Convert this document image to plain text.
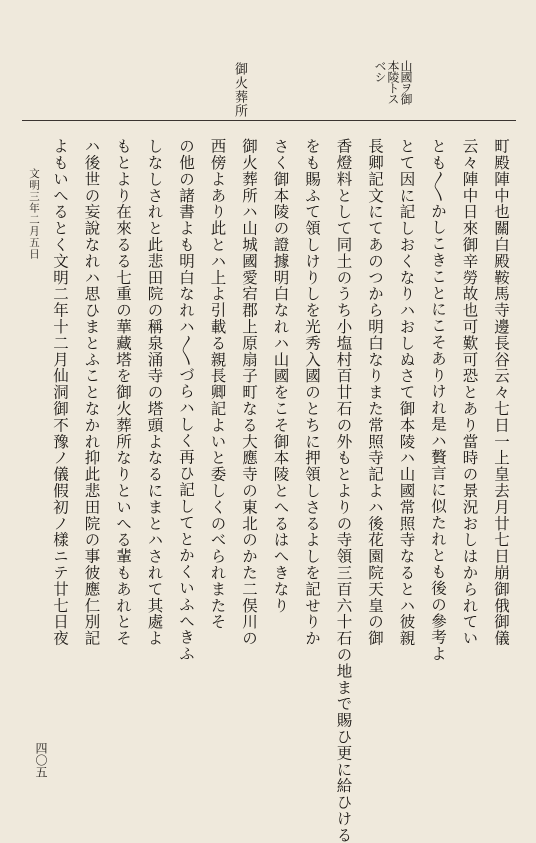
山國ヲ御
本陵トス
ベシ
御火葬所
町殿陣中也關白殿鞍馬寺邊長谷云々七日一上皇去月廿七日崩御俄御儀
云々陣中日來御辛勞故也可歎可恐とあり當時の景況おしはかられてい
とも〳〵かしこきことにこそありけれ是ハ贅言に似たれとも後の參考よ
とて因に記しおくなりハおしぬさて御本陵ハ山國常照寺なるとハ彼親
長卿記文にてあのつから明白なりまた常照寺記よハ後花園院天皇の御
香燈料として同土のうち小塩村百廿石の外もとよりの寺領三百六十石の地まで賜ひ更に給ひける
をも賜ふて領しけりしを光秀入國のとちに押領しさるよしを記せりか
さく御本陵の證據明白なれハ山國をこそ御本陵とへるはへきなり
御火葬所ハ山城國愛宕郡上原扇子町なる大應寺の東北のかた二俣川の
西傍よあり此とハ上よ引載る親長卿記よいと委しくのべられまたそ
の他の諸書よも明白なれハ〳〵づらハしく再ひ記してとかくいふへきふ
しなしされと此悲田院の稱泉涌寺の塔頭よなるにまとハされて其處よ
もとより在來るる七重の華藏塔を御火葬所なりといへる輩もあれとそ
ハ後世の妄說なれハ思ひまとふことなかれ抑此悲田院の事彼應仁別記
よもいへるとく文明二年十二月仙洞御不豫ノ儀假初ノ樣ニテ廿七日夜
文明三年二月五日
四〇五
